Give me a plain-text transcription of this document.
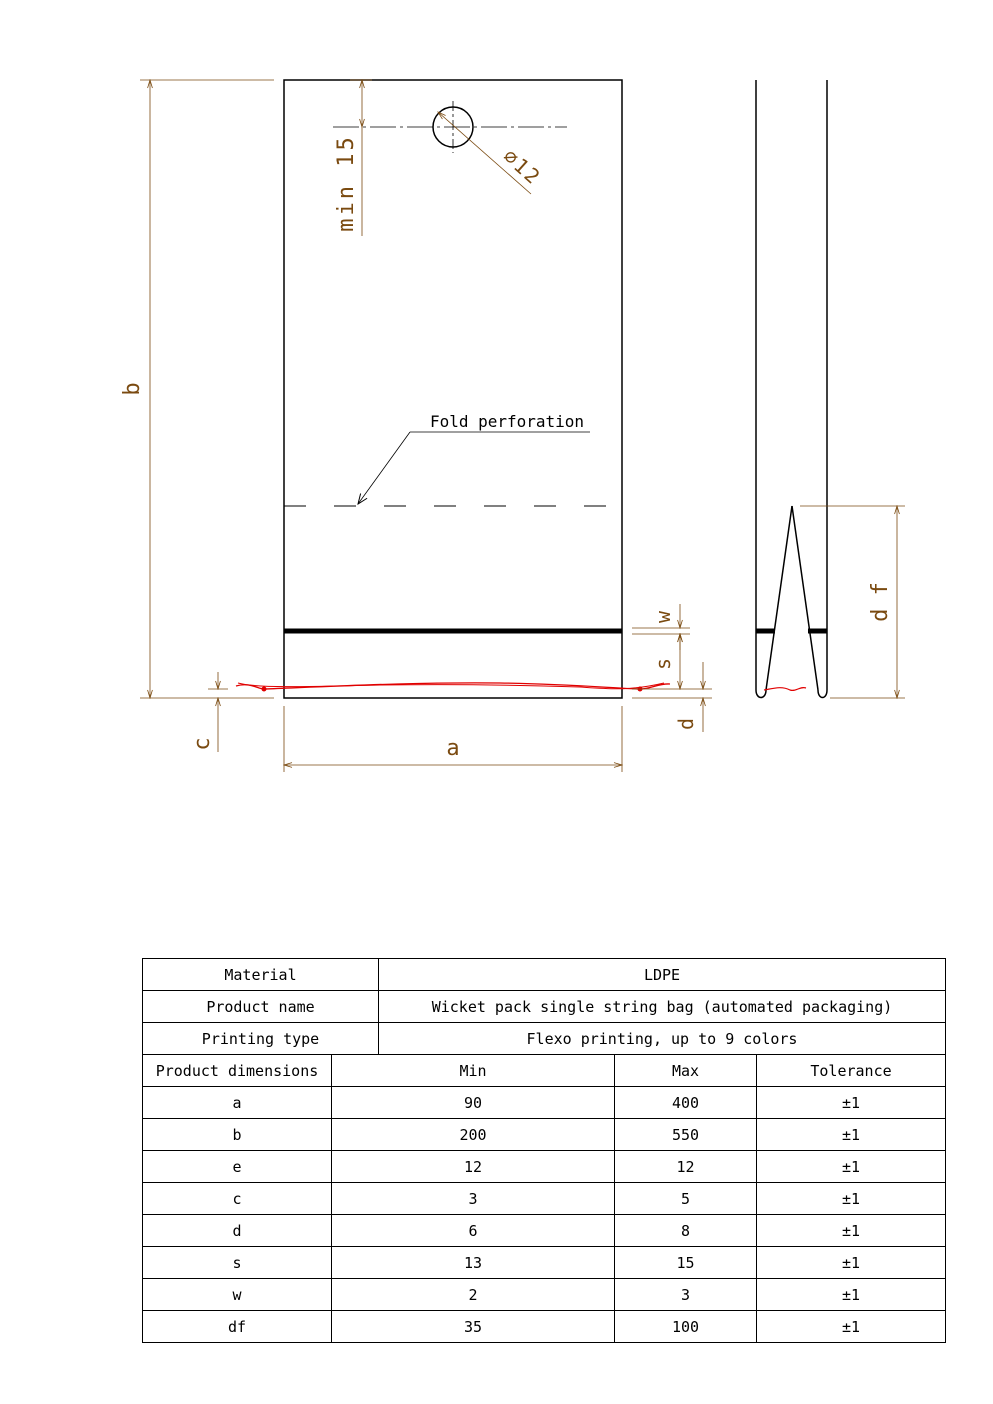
Fold perforation
b
a
c
min 15	⌀12
w
s
d
d f
Material		LDPE		
Product name		Wicket pack single string bag (automated packaging)		
Printing type		Flexo printing, up to 9 colors		
Product dimensions	Min		Max	Tolerance
a	90		400	±1
b	200		550	±1
e	12		12	±1
c	3		5	±1
d	6		8	±1
s	13		15	±1
w	2		3	±1
df	35		100	±1
